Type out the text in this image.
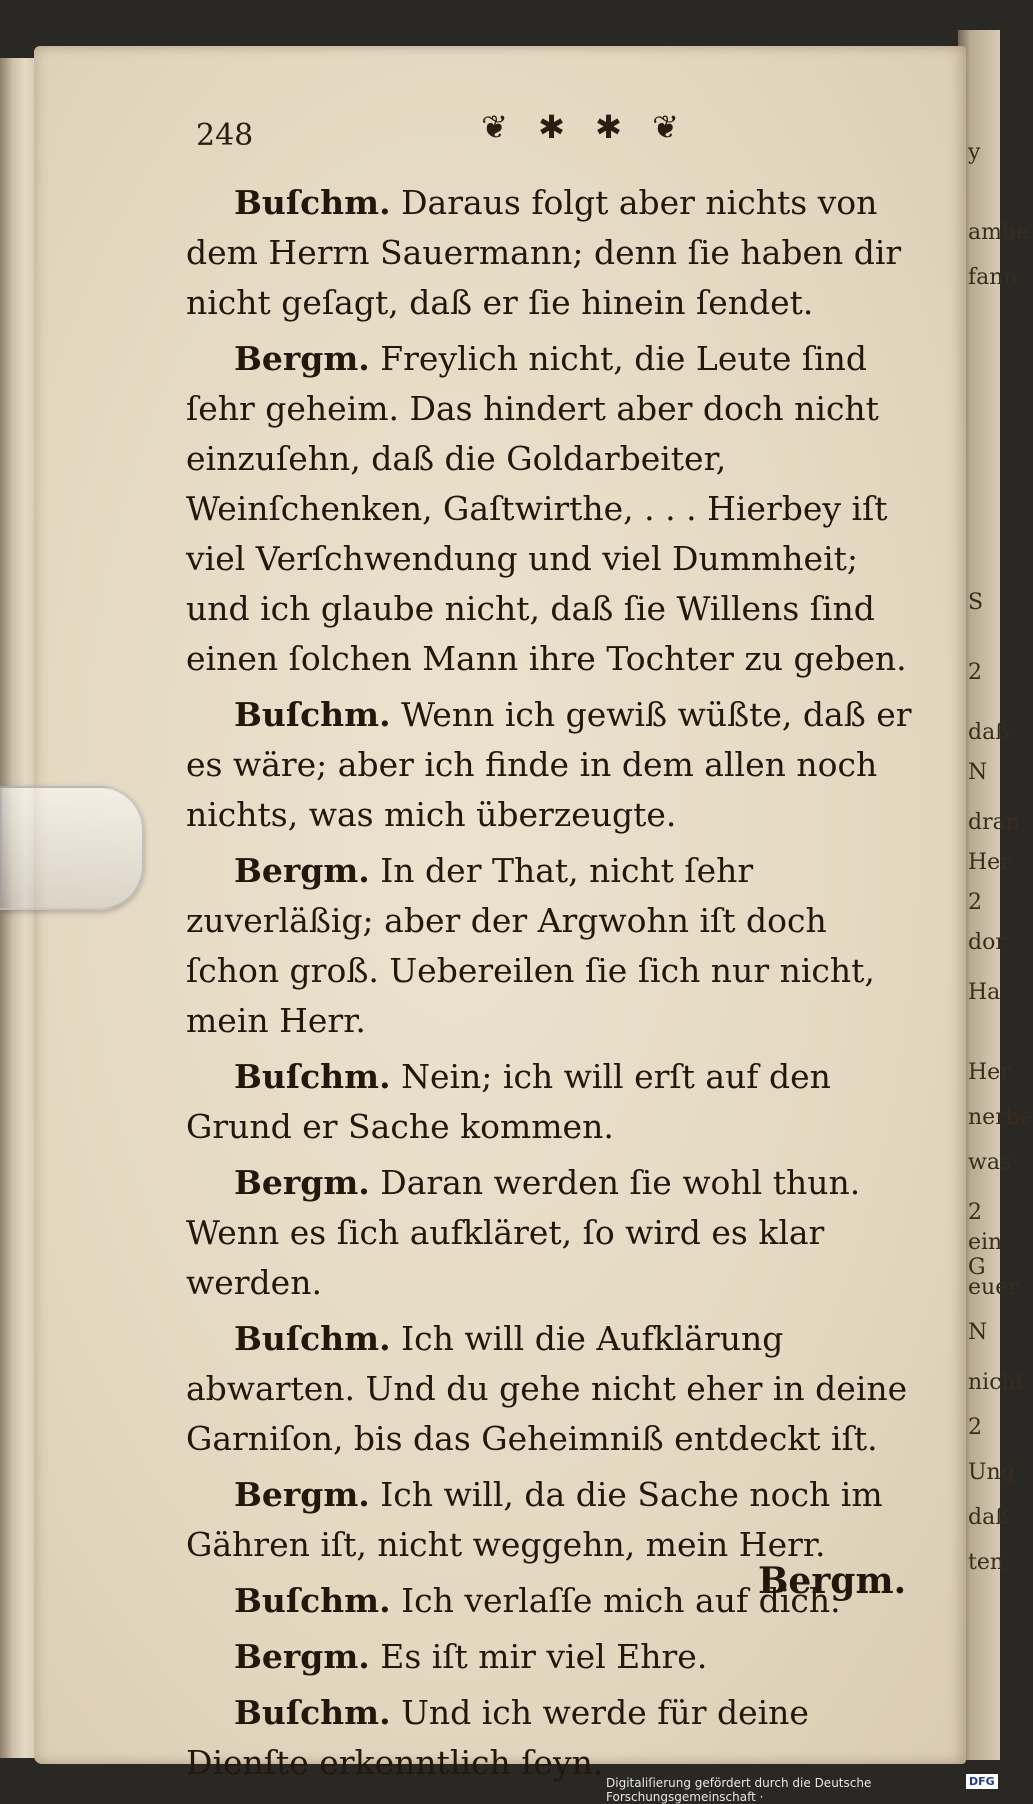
y
ambe
fann
S
2
daß
N
dran
Her
2
dor
Ha
Her
nerbe
was
2
ein G
euer
N
nicht
2
Ung
daß
ten.
248	❦ ✱ ✱ ❦

Buſchm. Daraus folgt aber nichts von dem Herrn Sauermann; denn ſie haben dir nicht geſagt, daß er ſie hinein ſendet.

Bergm. Freylich nicht, die Leute ſind ſehr geheim. Das hindert aber doch nicht einzuſehn, daß die Goldarbeiter, Weinſchenken, Gaſtwirthe, . . . Hierbey iſt viel Verſchwendung und viel Dummheit; und ich glaube nicht, daß ſie Willens ſind einen ſolchen Mann ihre Tochter zu geben.

Buſchm. Wenn ich gewiß wüßte, daß er es wäre; aber ich finde in dem allen noch nichts, was mich überzeugte.

Bergm. In der That, nicht ſehr zuverläßig; aber der Argwohn iſt doch ſchon groß. Uebereilen ſie ſich nur nicht, mein Herr.

Buſchm. Nein; ich will erſt auf den Grund er Sache kommen.

Bergm. Daran werden ſie wohl thun. Wenn es ſich aufkläret, ſo wird es klar werden.

Buſchm. Ich will die Aufklärung abwarten. Und du gehe nicht eher in deine Garniſon, bis das Geheimniß entdeckt iſt.

Bergm. Ich will, da die Sache noch im Gähren iſt, nicht weggehn, mein Herr.

Buſchm. Ich verlaſſe mich auf dich.

Bergm. Es iſt mir viel Ehre.

Buſchm. Und ich werde für deine Dienſte erkenntlich ſeyn.

Bergm.
Digitaliſierung gefördert durch die Deutsche Forschungsgemeinschaft ·
DFG
